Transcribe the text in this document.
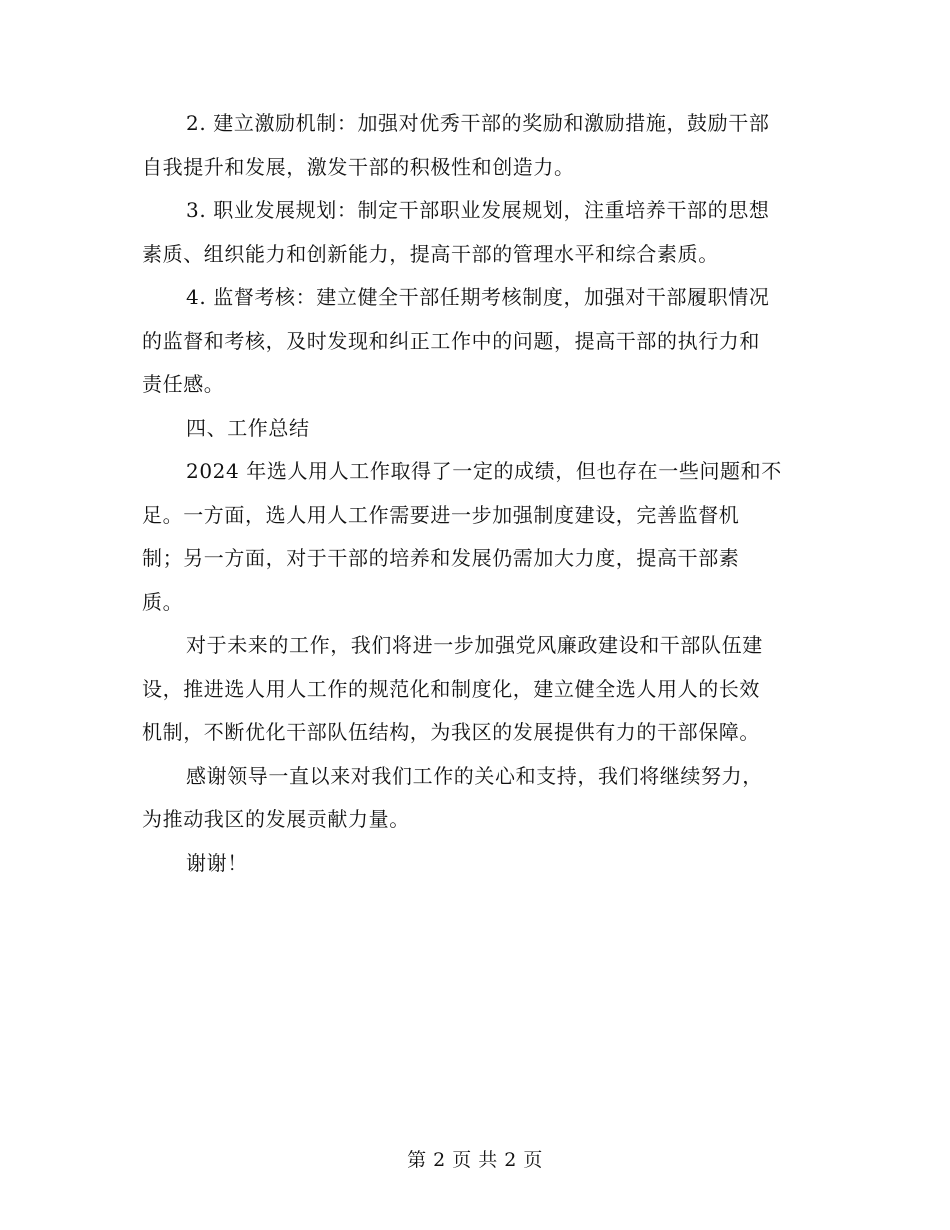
2. 建立激励机制：加强对优秀干部的奖励和激励措施，鼓励干部
自我提升和发展，激发干部的积极性和创造力。

3. 职业发展规划：制定干部职业发展规划，注重培养干部的思想
素质、组织能力和创新能力，提高干部的管理水平和综合素质。

4. 监督考核：建立健全干部任期考核制度，加强对干部履职情况
的监督和考核，及时发现和纠正工作中的问题，提高干部的执行力和
责任感。

四、工作总结

2024 年选人用人工作取得了一定的成绩，但也存在一些问题和不
足。一方面，选人用人工作需要进一步加强制度建设，完善监督机
制；另一方面，对于干部的培养和发展仍需加大力度，提高干部素
质。

对于未来的工作，我们将进一步加强党风廉政建设和干部队伍建
设，推进选人用人工作的规范化和制度化，建立健全选人用人的长效
机制，不断优化干部队伍结构，为我区的发展提供有力的干部保障。

感谢领导一直以来对我们工作的关心和支持，我们将继续努力，
为推动我区的发展贡献力量。

谢谢！

第 2 页 共 2 页
